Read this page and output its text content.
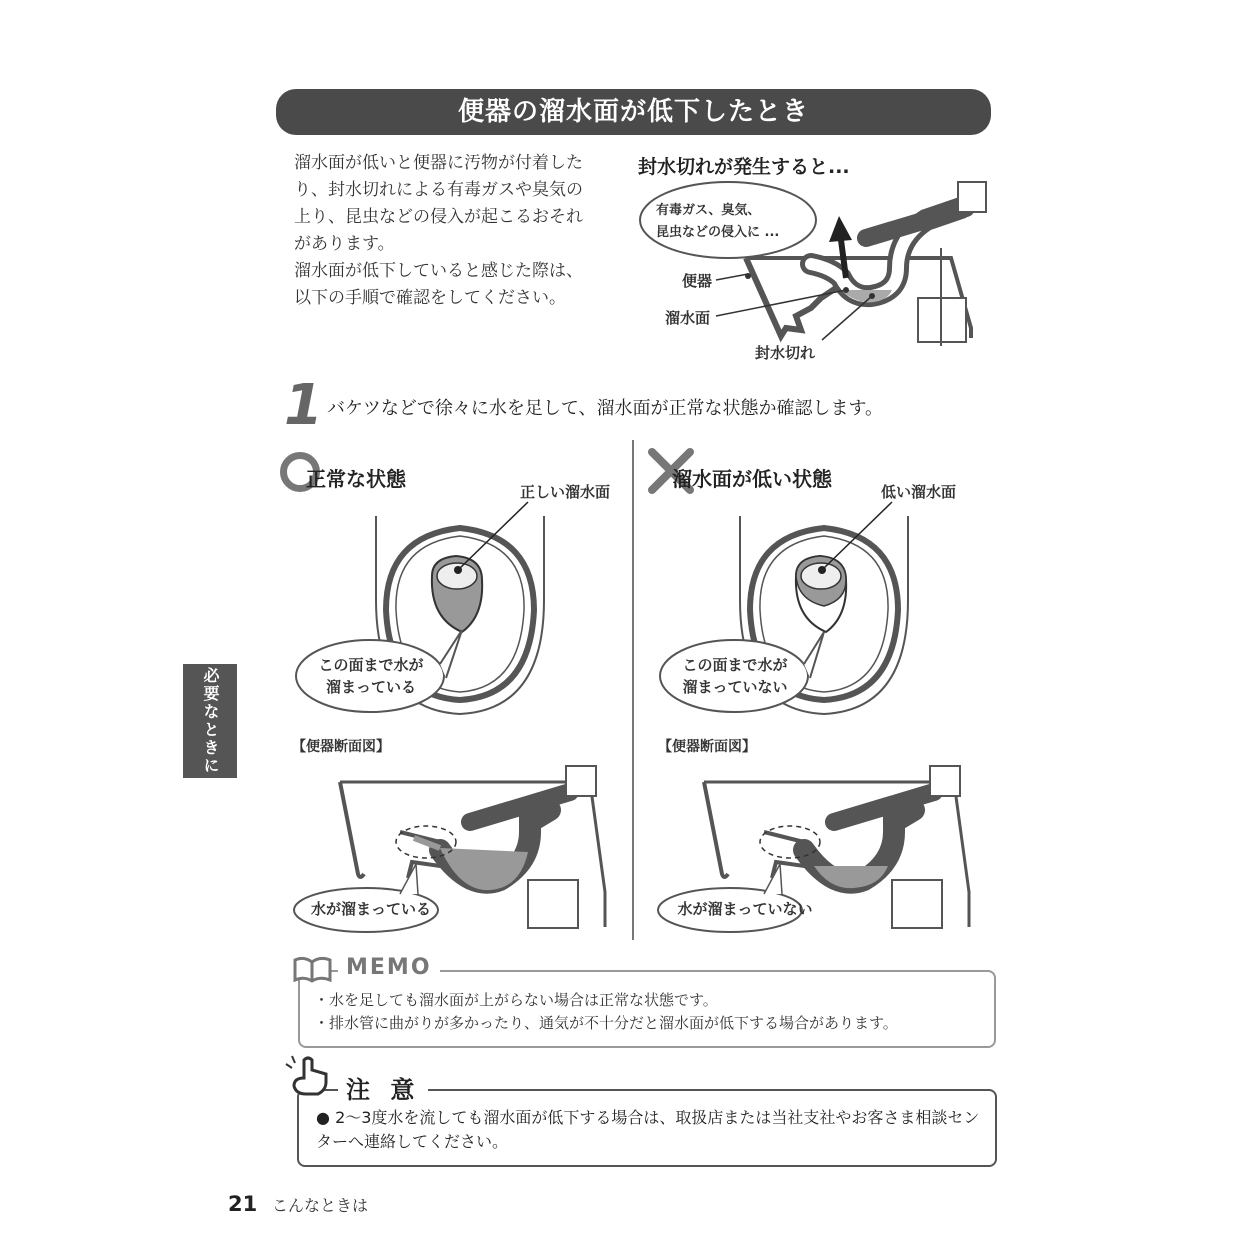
便器の溜水面が低下したとき

溜水面が低いと便器に汚物が付着した

り、封水切れによる有毒ガスや臭気の

上り、昆虫などの侵入が起こるおそれ

があります。

溜水面が低下していると感じた際は、

以下の手順で確認をしてください。

封水切れが発生すると...
有毒ガス、臭気、
昆虫などの侵入に ...
便器
溜水面
封水切れ
1 バケツなどで徐々に水を足して、溜水面が正常な状態か確認します。
正常な状態
正しい溜水面
この面まで水が
溜まっている
【便器断面図】
水が溜まっている
溜水面が低い状態
低い溜水面
この面まで水が
溜まっていない
【便器断面図】
水が溜まっていない
必要なときに
MEMO
・水を足しても溜水面が上がらない場合は正常な状態です。
・排水管に曲がりが多かったり、通気が不十分だと溜水面が低下する場合があります。
注 意
● 2～3度水を流しても溜水面が低下する場合は、取扱店または当社支社やお客さま相談センターへ連絡してください。
21 こんなときは
